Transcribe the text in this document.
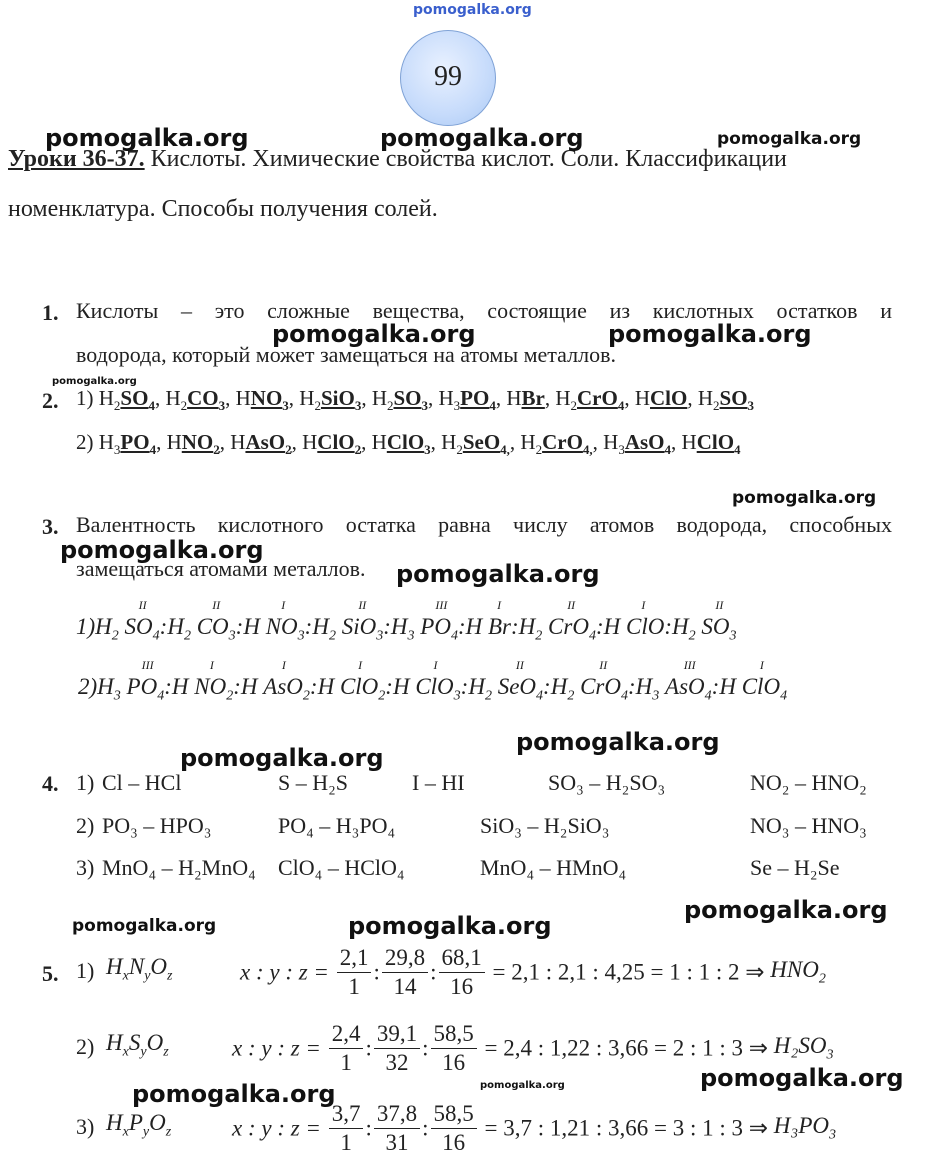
pomogalka.org
99
Уроки 36-37. Кислоты. Химические свойства кислот. Соли. Классификации
номенклатура. Способы получения солей.
1. Кислоты – это сложные вещества, состоящие из кислотных остатков и
водорода, который может замещаться на атомы металлов.
2. 1) $H_2SO_4$, $H_2CO_3$, $HNO_3$, $H_2SiO_3$, $H_2SO_3$, $H_3PO_4$, HBr, $H_2CrO_4$, HClO, $H_2SO_3$
2) $H_3PO_4$, $HNO_2$, HAsO$_2$, HClO$_2$, HClO$_3$, $H_2SeO_{4,}$, $H_2CrO_{4,}$, $H_3AsO_4$, HClO$_4$
3. Валентность кислотного остатка равна числу атомов водорода, способных
замещаться атомами металлов.
$1)H_2$
II
$SO_4:H_2$
II
$CO_3:H$
I
$NO_3:H_2$
II
$SiO_3:H_3$
III
$PO_4:H$
I
$Br:H_2$
II
CrO$_4$:H
I
$ClO:H_2$
II
$SO_3$
$2)H_3$
III
$PO_4:H$
I
$NO_2:H$
I
AsO$_2$:H
I
ClO$_2$:H
I
$ClO_3:H_2$
II
$SeO_4:H_2$
II
$CrO_4:H_3$
III
AsO$_4$:H
I
ClO$_4$
4. 1) Cl – HCl	S – H₂S	I – HI	SO₃ – H₂SO₃	NO₂ – HNO₂
2) PO₃ – HPO₃	PO₄ – H₃PO₄	SiO₃ – H₂SiO₃	NO₃ – HNO₃
3) MnO₄ – H₂MnO₄ ClO₄ – HClO₄	MnO₄ – HMnO₄	Se – H₂Se
5. 1) $H_xN_yO_z$	x : y : $z = \frac{2,1}{1}$ : $\frac{29,8}{14}$ : $\frac{68,1}{16} = 2,1$ : 2,1 : 4,25 = 1 : 1 : 2 ⇒ $HNO_2$
2) $H_xS_yO_z$	x : y : $z = \frac{2,4}{1}$ : $\frac{39,1}{32}$ : $\frac{58,5}{16} = 2,4$ : 1,22 : 3,66 = 2 : 1 : 3 ⇒ $H_2SO_3$
3) $H_xP_yO_z$	x : y : $z = \frac{3,7}{1}$ : $\frac{37,8}{31}$ : $\frac{58,5}{16} = 3,7$ : 1,21 : 3,66 = 3 : 1 : 3 ⇒ $H_3PO_3$
pomogalka.org	pomogalka.org	pomogalka.org
pomogalka.org	pomogalka.org
pomogalka.org
pomogalka.org
pomogalka.org
pomogalka.org
pomogalka.org
pomogalka.org
pomogalka.org	pomogalka.org
pomogalka.org
pomogalka.org	pomogalka.org	pomogalka.org
